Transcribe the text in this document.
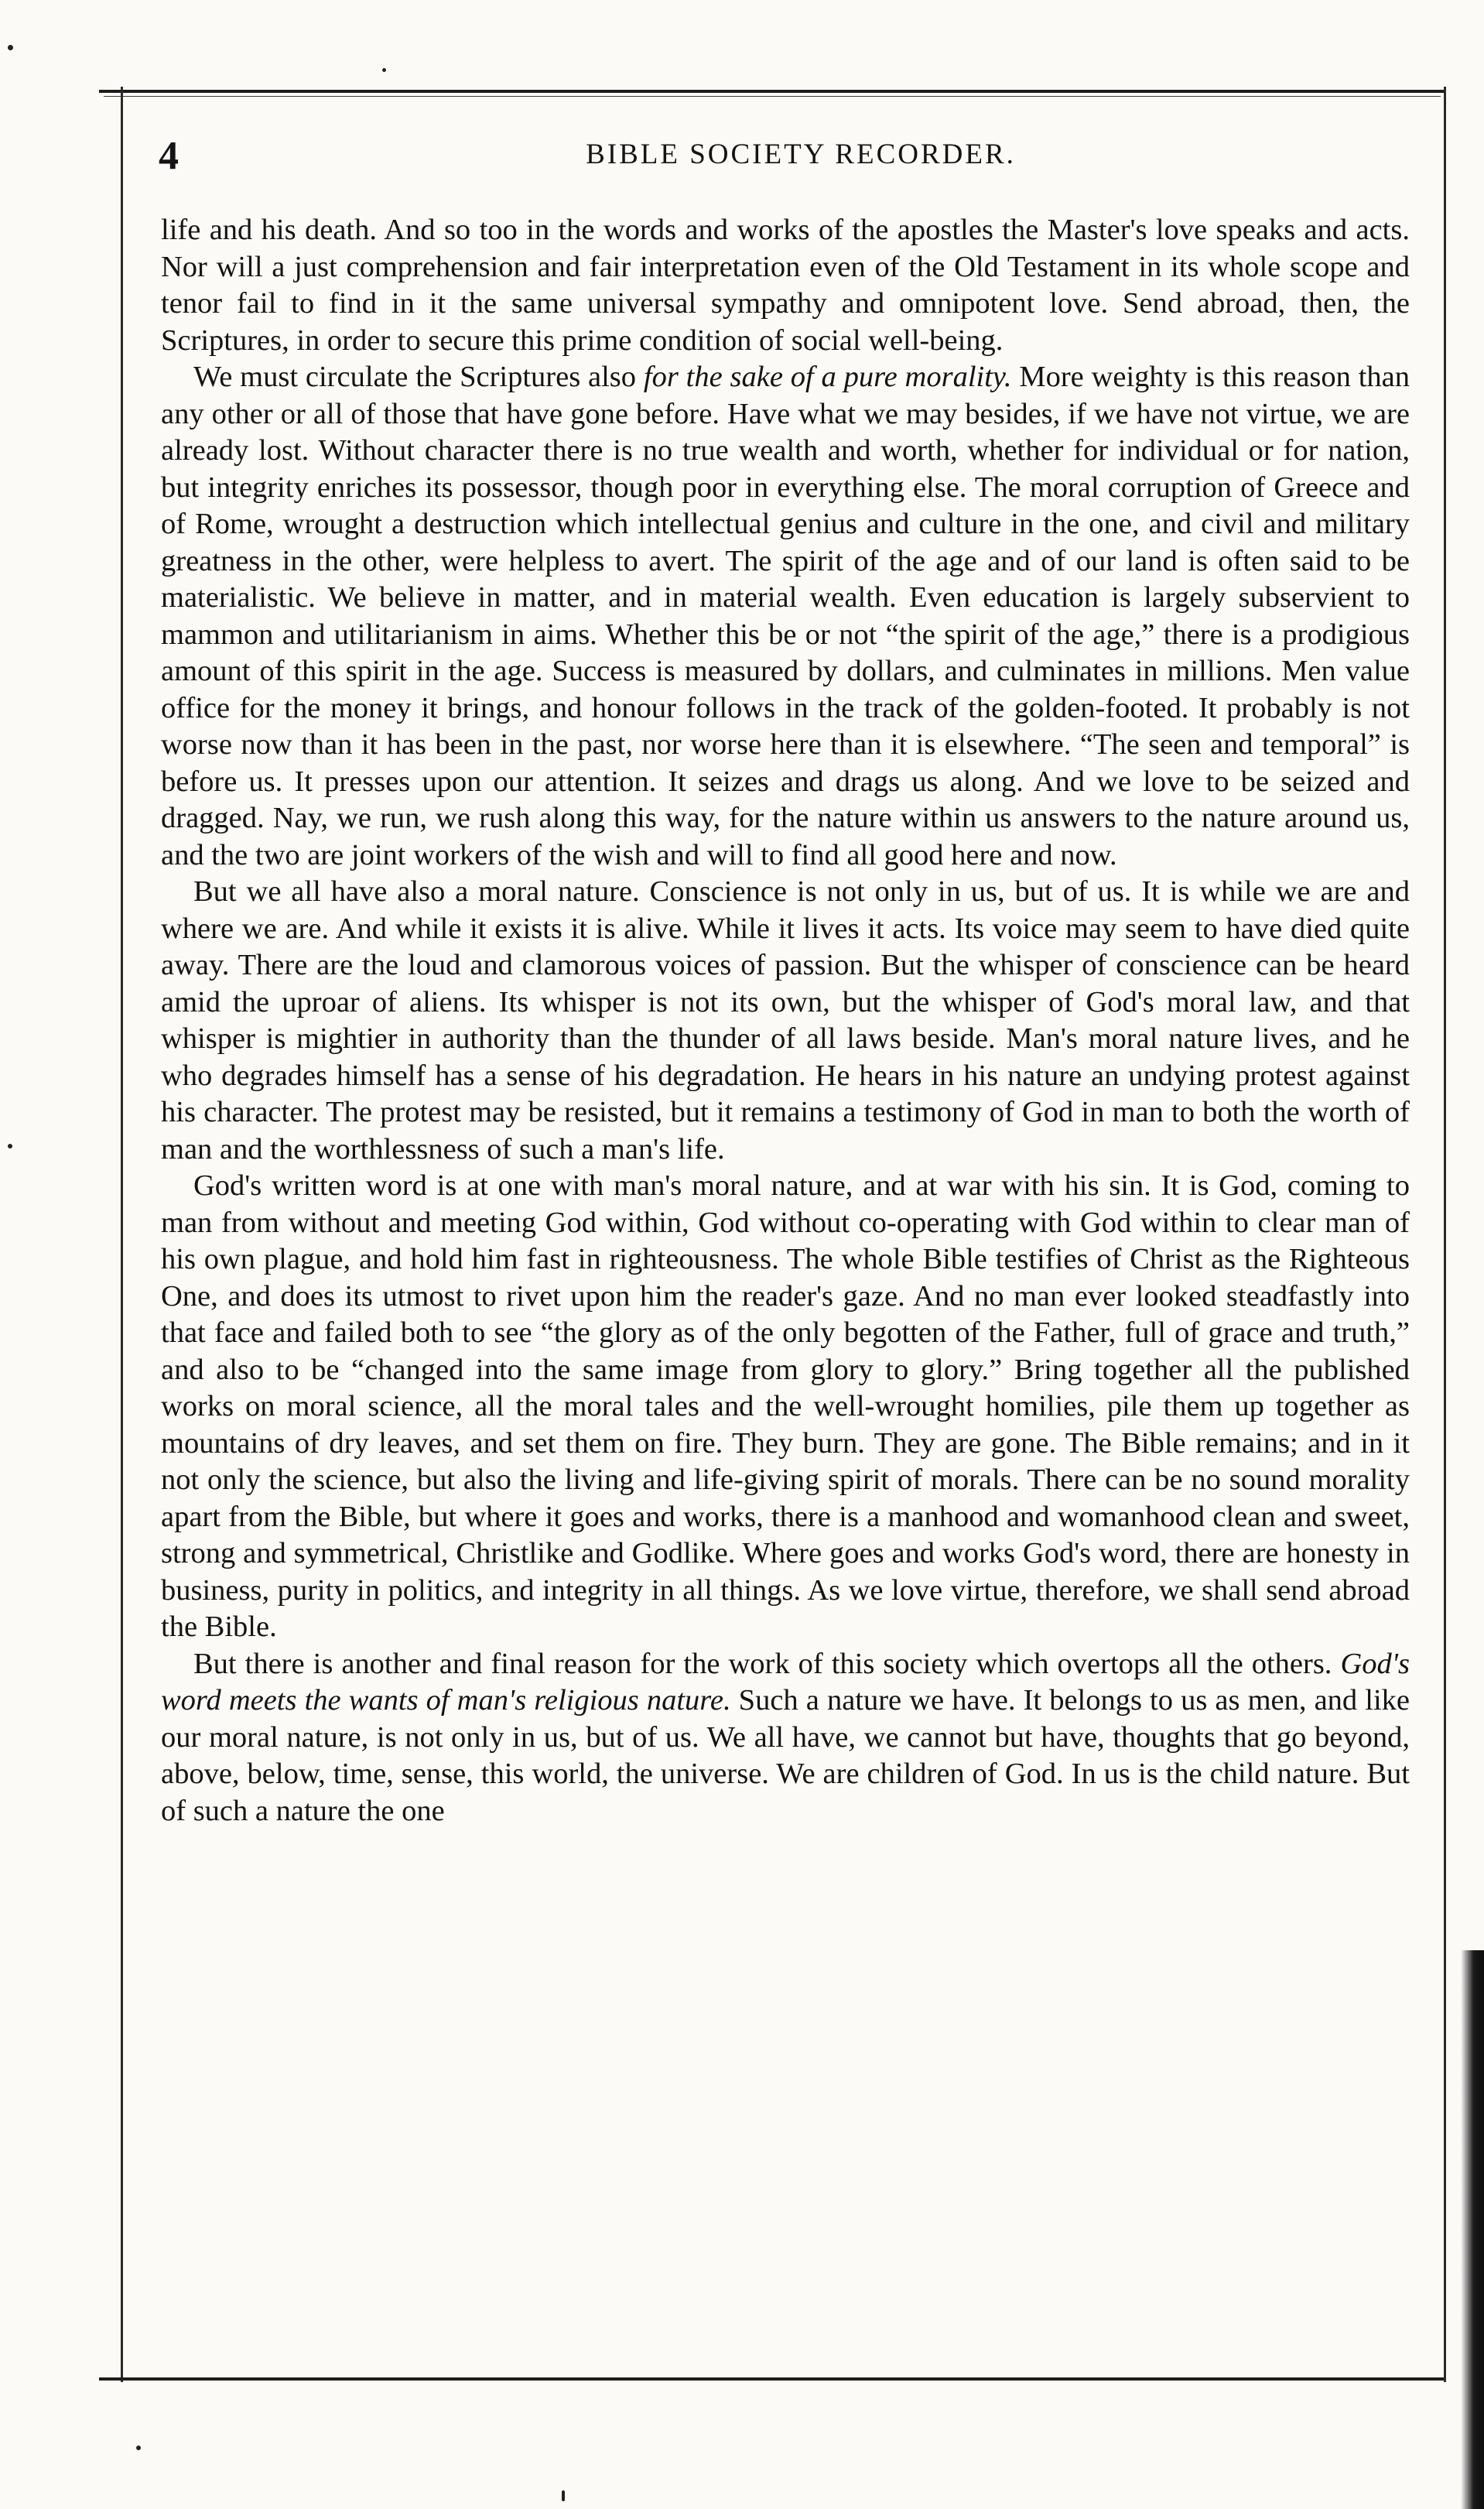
4	BIBLE SOCIETY RECORDER.

life and his death. And so too in the words and works of the apostles the Master's love speaks and acts. Nor will a just comprehension and fair interpretation even of the Old Testament in its whole scope and tenor fail to find in it the same universal sympathy and omnipotent love. Send abroad, then, the Scriptures, in order to secure this prime condition of social well-being.

We must circulate the Scriptures also for the sake of a pure morality. More weighty is this reason than any other or all of those that have gone before. Have what we may besides, if we have not virtue, we are already lost. Without character there is no true wealth and worth, whether for individual or for nation, but integrity enriches its possessor, though poor in everything else. The moral corruption of Greece and of Rome, wrought a destruction which intellectual genius and culture in the one, and civil and military greatness in the other, were helpless to avert. The spirit of the age and of our land is often said to be materialistic. We believe in matter, and in material wealth. Even education is largely subservient to mammon and utilitarianism in aims. Whether this be or not “the spirit of the age,” there is a prodigious amount of this spirit in the age. Success is measured by dollars, and culminates in millions. Men value office for the money it brings, and honour follows in the track of the golden-footed. It probably is not worse now than it has been in the past, nor worse here than it is elsewhere. “The seen and temporal” is before us. It presses upon our attention. It seizes and drags us along. And we love to be seized and dragged. Nay, we run, we rush along this way, for the nature within us answers to the nature around us, and the two are joint workers of the wish and will to find all good here and now.

But we all have also a moral nature. Conscience is not only in us, but of us. It is while we are and where we are. And while it exists it is alive. While it lives it acts. Its voice may seem to have died quite away. There are the loud and clamorous voices of passion. But the whisper of conscience can be heard amid the uproar of aliens. Its whisper is not its own, but the whisper of God's moral law, and that whisper is mightier in authority than the thunder of all laws beside. Man's moral nature lives, and he who degrades himself has a sense of his degradation. He hears in his nature an undying protest against his character. The protest may be resisted, but it remains a testimony of God in man to both the worth of man and the worthlessness of such a man's life.

God's written word is at one with man's moral nature, and at war with his sin. It is God, coming to man from without and meeting God within, God without co-operating with God within to clear man of his own plague, and hold him fast in righteousness. The whole Bible testifies of Christ as the Righteous One, and does its utmost to rivet upon him the reader's gaze. And no man ever looked steadfastly into that face and failed both to see “the glory as of the only begotten of the Father, full of grace and truth,” and also to be “changed into the same image from glory to glory.” Bring together all the published works on moral science, all the moral tales and the well-wrought homilies, pile them up together as mountains of dry leaves, and set them on fire. They burn. They are gone. The Bible remains; and in it not only the science, but also the living and life-giving spirit of morals. There can be no sound morality apart from the Bible, but where it goes and works, there is a manhood and womanhood clean and sweet, strong and symmetrical, Christlike and Godlike. Where goes and works God's word, there are honesty in business, purity in politics, and integrity in all things. As we love virtue, therefore, we shall send abroad the Bible.

But there is another and final reason for the work of this society which overtops all the others. God's word meets the wants of man's religious nature. Such a nature we have. It belongs to us as men, and like our moral nature, is not only in us, but of us. We all have, we cannot but have, thoughts that go beyond, above, below, time, sense, this world, the universe. We are children of God. In us is the child nature. But of such a nature the one
